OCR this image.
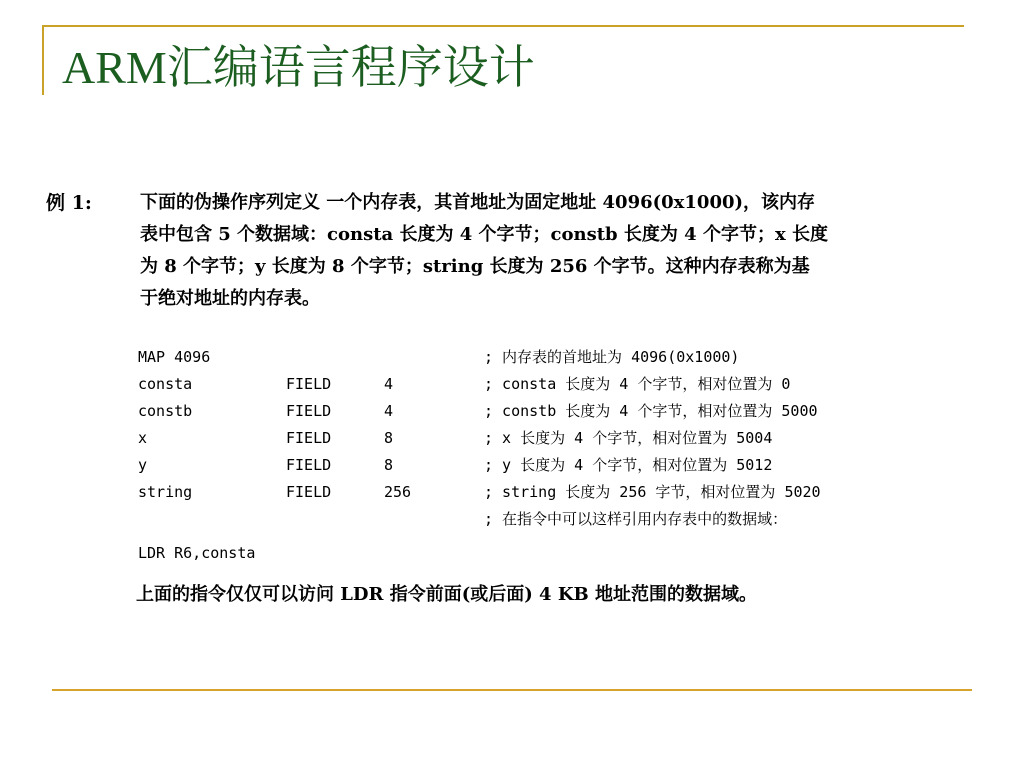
ARM汇编语言程序设计
例 1:	下面的伪操作序列定义 一个内存表，其首地址为固定地址 4096(0x1000)，该内存
表中包含 5 个数据域：consta 长度为 4 个字节；constb 长度为 4 个字节；x 长度
为 8 个字节；y 长度为 8 个字节；string 长度为 256 个字节。这种内存表称为基
于绝对地址的内存表。
MAP 4096	; 内存表的首地址为 4096(0x1000)
consta	FIELD	4	; consta 长度为 4 个字节，相对位置为 0
constb	FIELD	4	; constb 长度为 4 个字节，相对位置为 5000
x	FIELD	8	; x 长度为 4 个字节，相对位置为 5004
y	FIELD	8	; y 长度为 4 个字节，相对位置为 5012
string	FIELD	256	; string 长度为 256 字节，相对位置为 5020
; 在指令中可以这样引用内存表中的数据域：
LDR R6,consta
上面的指令仅仅可以访问 LDR 指令前面(或后面) 4 KB 地址范围的数据域。
